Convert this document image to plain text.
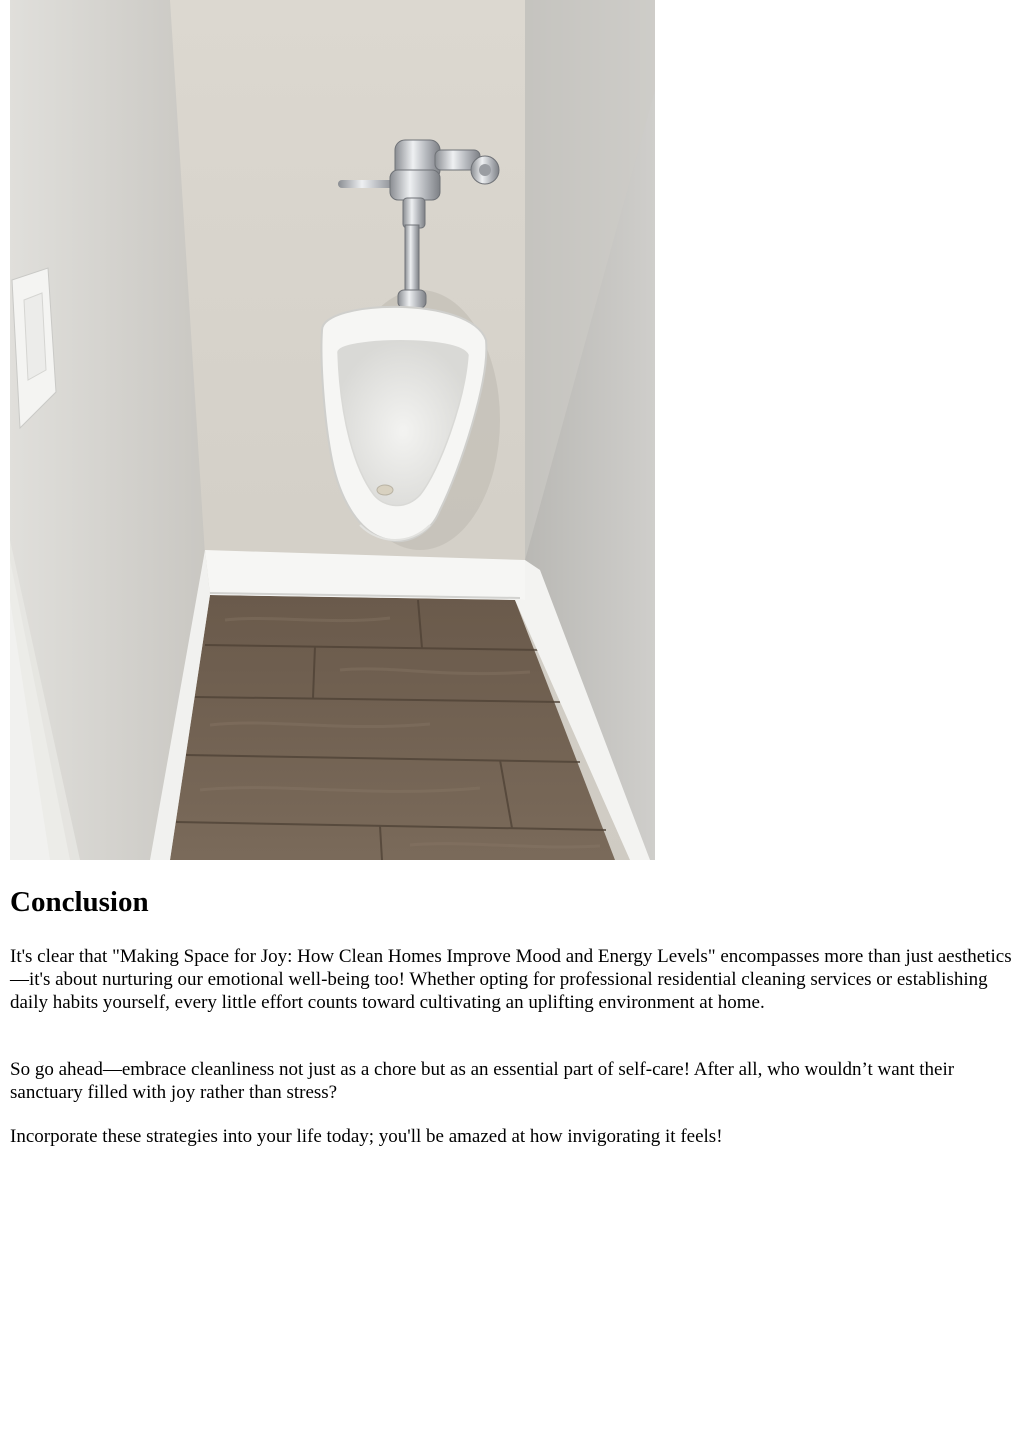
Conclusion

It's clear that "Making Space for Joy: How Clean Homes Improve Mood and Energy Levels" encompasses more than just aesthetics—it's about nurturing our emotional well-being too! Whether opting for professional residential cleaning services or establishing daily habits yourself, every little effort counts toward cultivating an uplifting environment at home.

So go ahead—embrace cleanliness not just as a chore but as an essential part of self-care! After all, who wouldn’t want their sanctuary filled with joy rather than stress?

Incorporate these strategies into your life today; you'll be amazed at how invigorating it feels!
